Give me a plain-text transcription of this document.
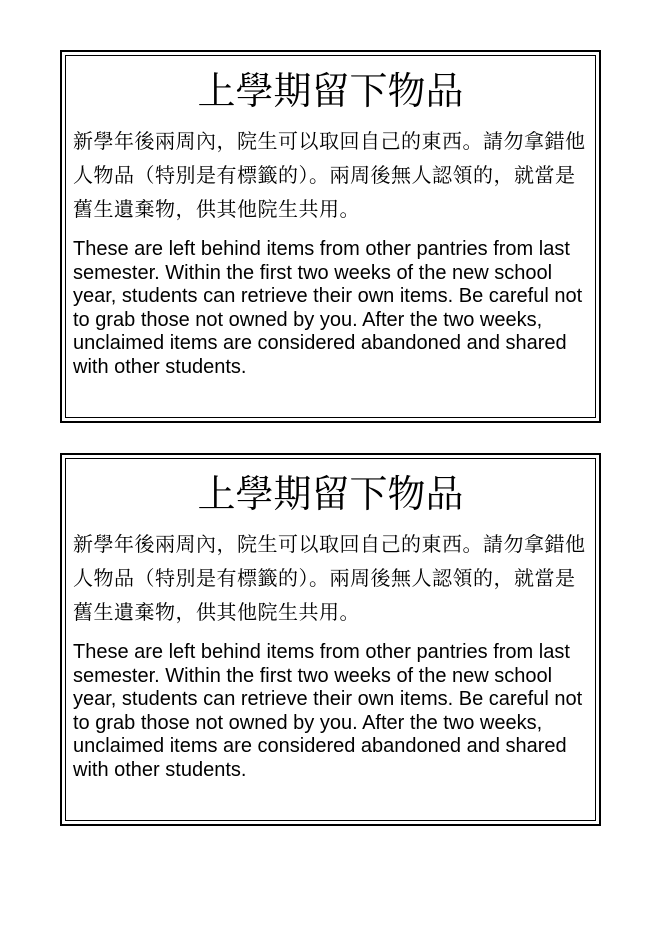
上學期留下物品

新學年後兩周內，院生可以取回自己的東西。請勿拿錯他人物品（特別是有標籤的）。兩周後無人認領的，就當是舊生遺棄物，供其他院生共用。

These are left behind items from other pantries from last semester. Within the first two weeks of the new school year, students can retrieve their own items. Be careful not to grab those not owned by you. After the two weeks, unclaimed items are considered abandoned and shared with other students.

上學期留下物品

新學年後兩周內，院生可以取回自己的東西。請勿拿錯他人物品（特別是有標籤的）。兩周後無人認領的，就當是舊生遺棄物，供其他院生共用。

These are left behind items from other pantries from last semester. Within the first two weeks of the new school year, students can retrieve their own items. Be careful not to grab those not owned by you. After the two weeks, unclaimed items are considered abandoned and shared with other students.
